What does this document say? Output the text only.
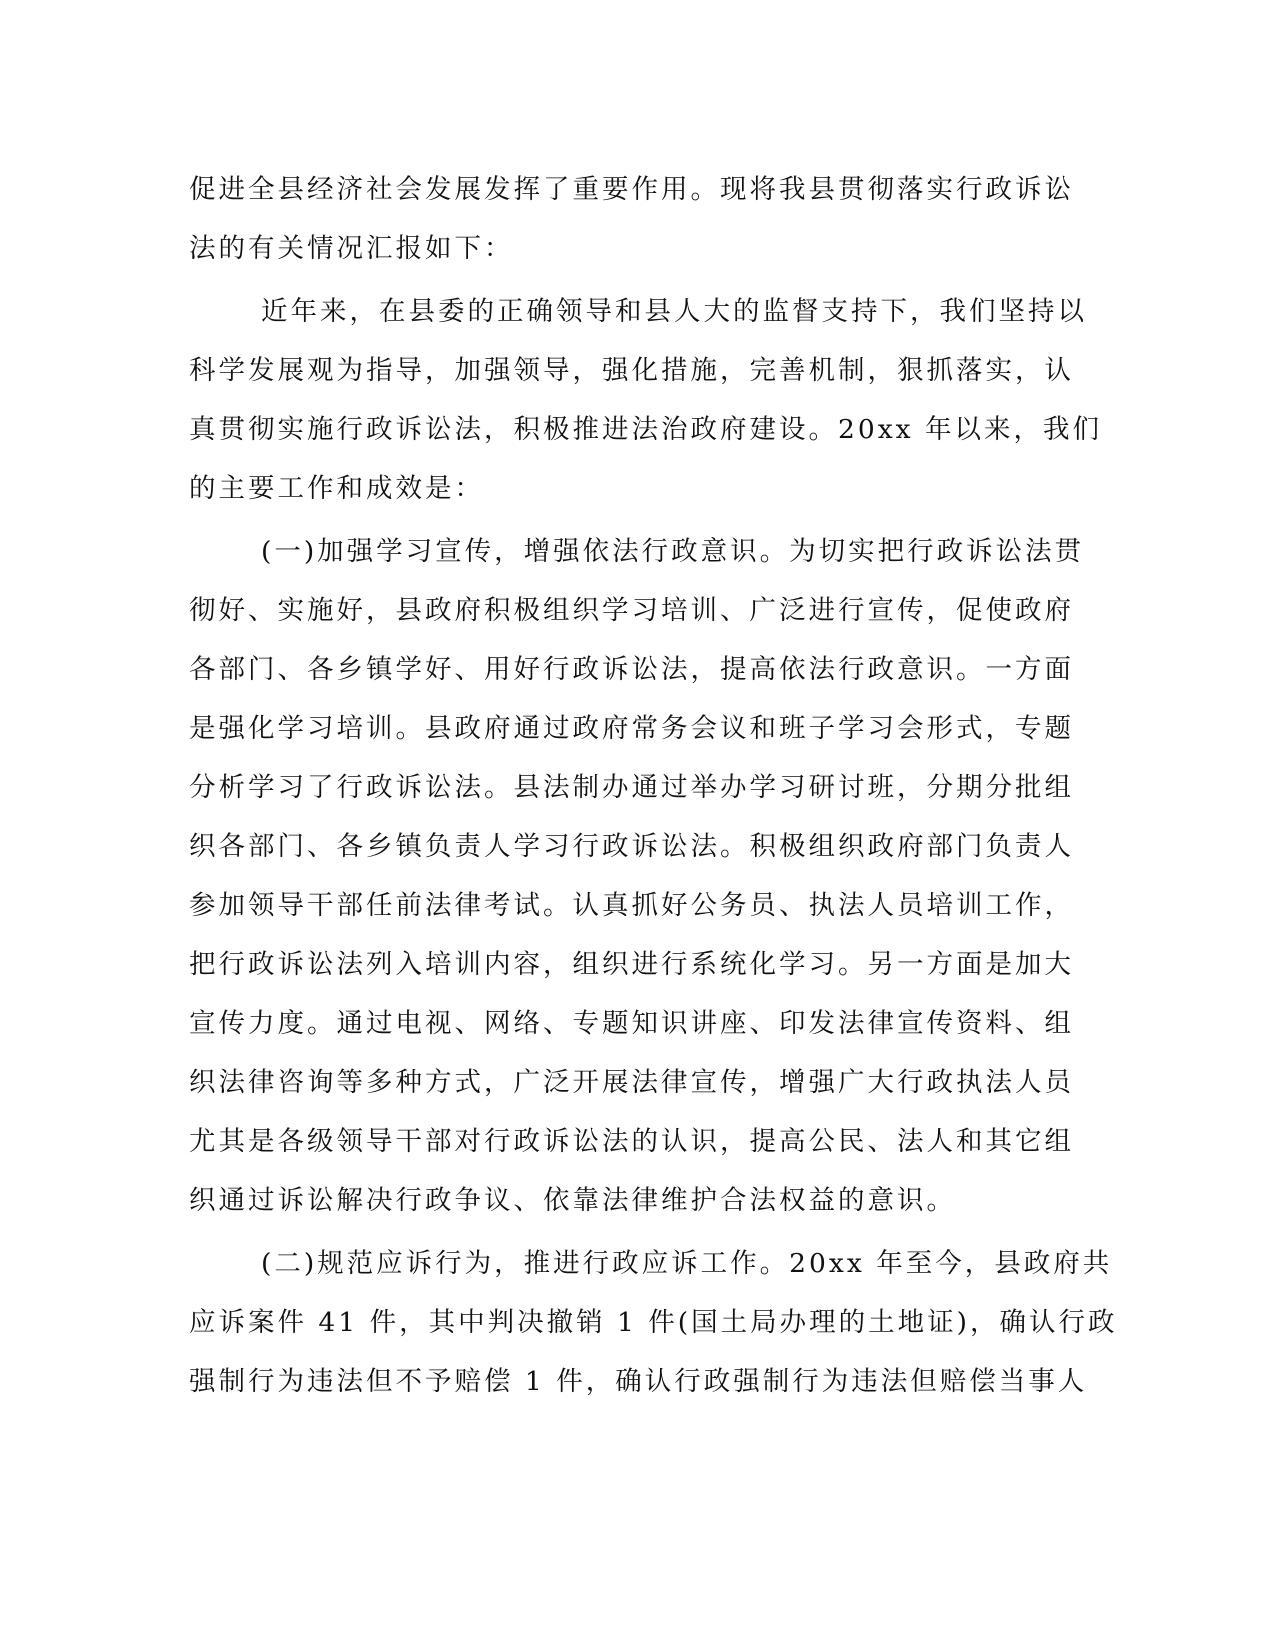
促进全县经济社会发展发挥了重要作用。现将我县贯彻落实行政诉讼
法的有关情况汇报如下：
近年来，在县委的正确领导和县人大的监督支持下，我们坚持以
科学发展观为指导，加强领导，强化措施，完善机制，狠抓落实，认
真贯彻实施行政诉讼法，积极推进法治政府建设。20xx 年以来，我们
的主要工作和成效是：
(一)加强学习宣传，增强依法行政意识。为切实把行政诉讼法贯
彻好、实施好，县政府积极组织学习培训、广泛进行宣传，促使政府
各部门、各乡镇学好、用好行政诉讼法，提高依法行政意识。一方面
是强化学习培训。县政府通过政府常务会议和班子学习会形式，专题
分析学习了行政诉讼法。县法制办通过举办学习研讨班，分期分批组
织各部门、各乡镇负责人学习行政诉讼法。积极组织政府部门负责人
参加领导干部任前法律考试。认真抓好公务员、执法人员培训工作，
把行政诉讼法列入培训内容，组织进行系统化学习。另一方面是加大
宣传力度。通过电视、网络、专题知识讲座、印发法律宣传资料、组
织法律咨询等多种方式，广泛开展法律宣传，增强广大行政执法人员
尤其是各级领导干部对行政诉讼法的认识，提高公民、法人和其它组
织通过诉讼解决行政争议、依靠法律维护合法权益的意识。
(二)规范应诉行为，推进行政应诉工作。20xx 年至今，县政府共
应诉案件 41 件，其中判决撤销 1 件(国土局办理的土地证)，确认行政
强制行为违法但不予赔偿 1 件，确认行政强制行为违法但赔偿当事人
